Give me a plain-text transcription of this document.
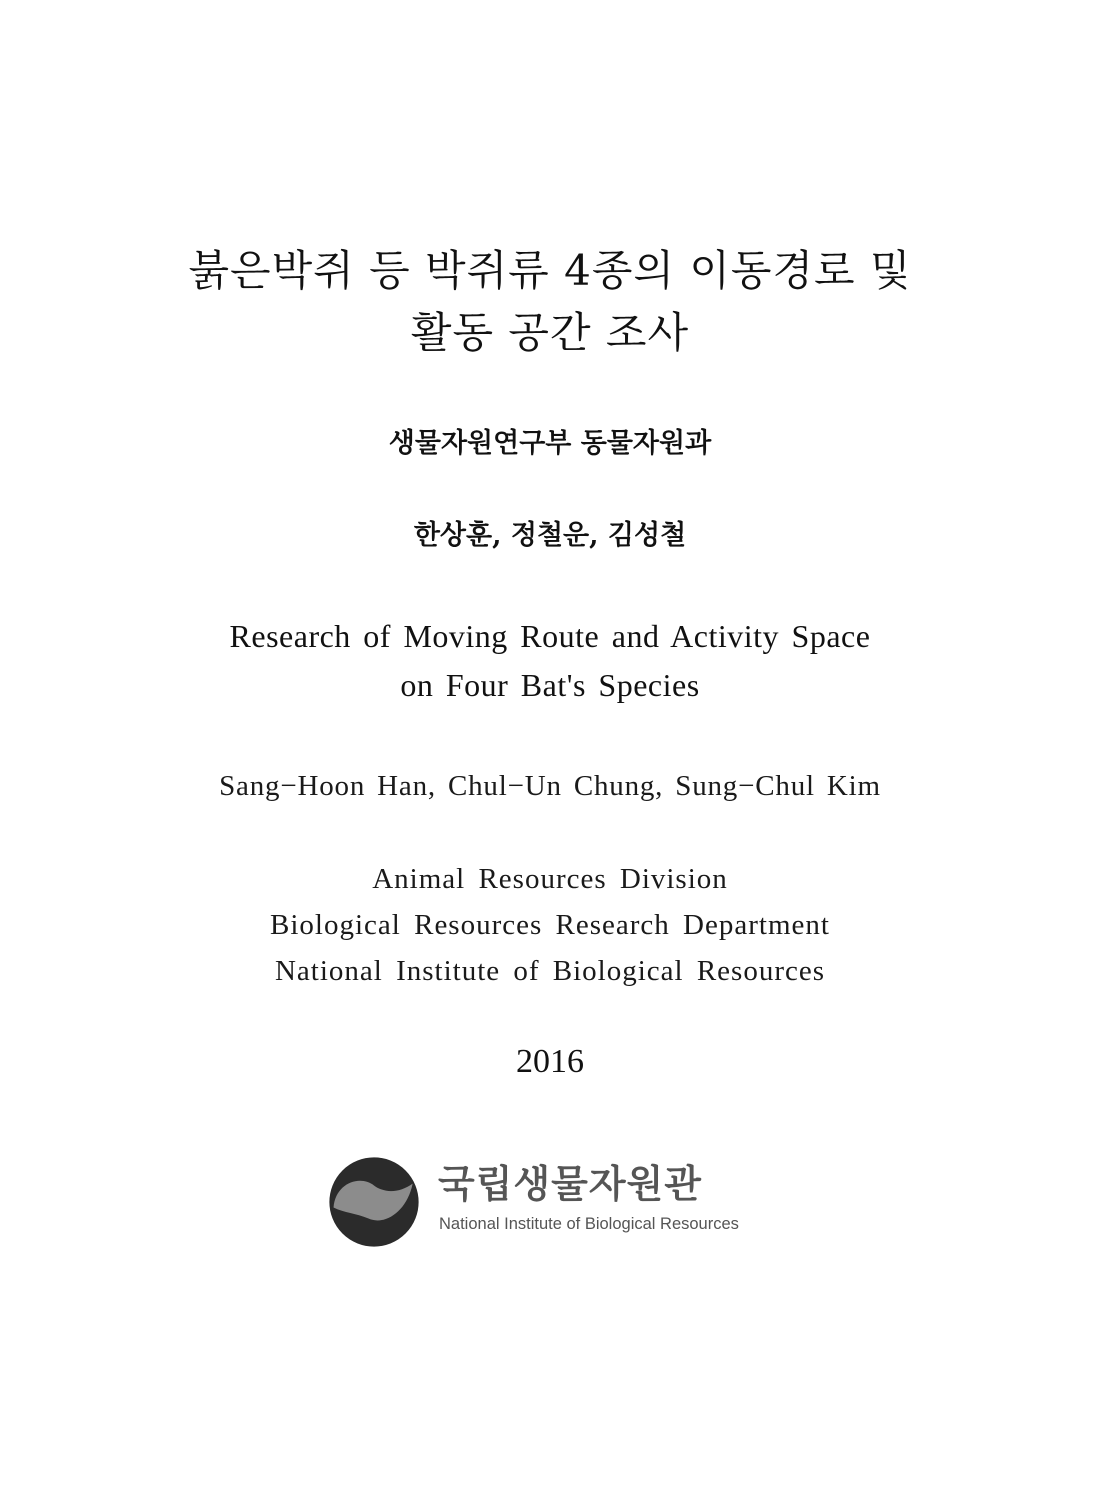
붉은박쥐 등 박쥐류 4종의 이동경로 및
활동 공간 조사
생물자원연구부 동물자원과
한상훈, 정철운, 김성철
Research of Moving Route and Activity Space
on Four Bat's Species
Sang−Hoon Han, Chul−Un Chung, Sung−Chul Kim
Animal Resources Division
Biological Resources Research Department
National Institute of Biological Resources
2016
국립생물자원관
National Institute of Biological Resources
